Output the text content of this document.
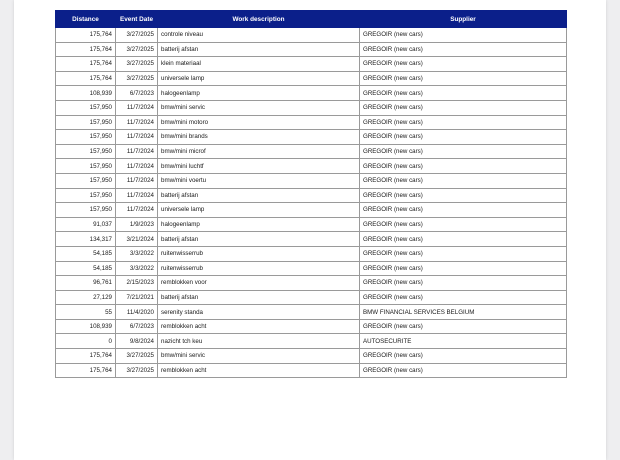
Distance	Event Date	Work description	Supplier
175,764	3/27/2025	controle niveau	GREGOIR (new cars)
175,764	3/27/2025	batterij afstan	GREGOIR (new cars)
175,764	3/27/2025	klein materiaal	GREGOIR (new cars)
175,764	3/27/2025	universele lamp	GREGOIR (new cars)
108,939	6/7/2023	halogeenlamp	GREGOIR (new cars)
157,950	11/7/2024	bmw/mini servic	GREGOIR (new cars)
157,950	11/7/2024	bmw/mini motoro	GREGOIR (new cars)
157,950	11/7/2024	bmw/mini brands	GREGOIR (new cars)
157,950	11/7/2024	bmw/mini microf	GREGOIR (new cars)
157,950	11/7/2024	bmw/mini luchtf	GREGOIR (new cars)
157,950	11/7/2024	bmw/mini voertu	GREGOIR (new cars)
157,950	11/7/2024	batterij afstan	GREGOIR (new cars)
157,950	11/7/2024	universele lamp	GREGOIR (new cars)
91,037	1/9/2023	halogeenlamp	GREGOIR (new cars)
134,317	3/21/2024	batterij afstan	GREGOIR (new cars)
54,185	3/3/2022	ruitenwisserrub	GREGOIR (new cars)
54,185	3/3/2022	ruitenwisserrub	GREGOIR (new cars)
96,761	2/15/2023	remblokken voor	GREGOIR (new cars)
27,129	7/21/2021	batterij afstan	GREGOIR (new cars)
55	11/4/2020	serenity standa	BMW FINANCIAL SERVICES BELGIUM
108,939	6/7/2023	remblokken acht	GREGOIR (new cars)
0	9/8/2024	nazicht tch keu	AUTOSECURITE
175,764	3/27/2025	bmw/mini servic	GREGOIR (new cars)
175,764	3/27/2025	remblokken acht	GREGOIR (new cars)
